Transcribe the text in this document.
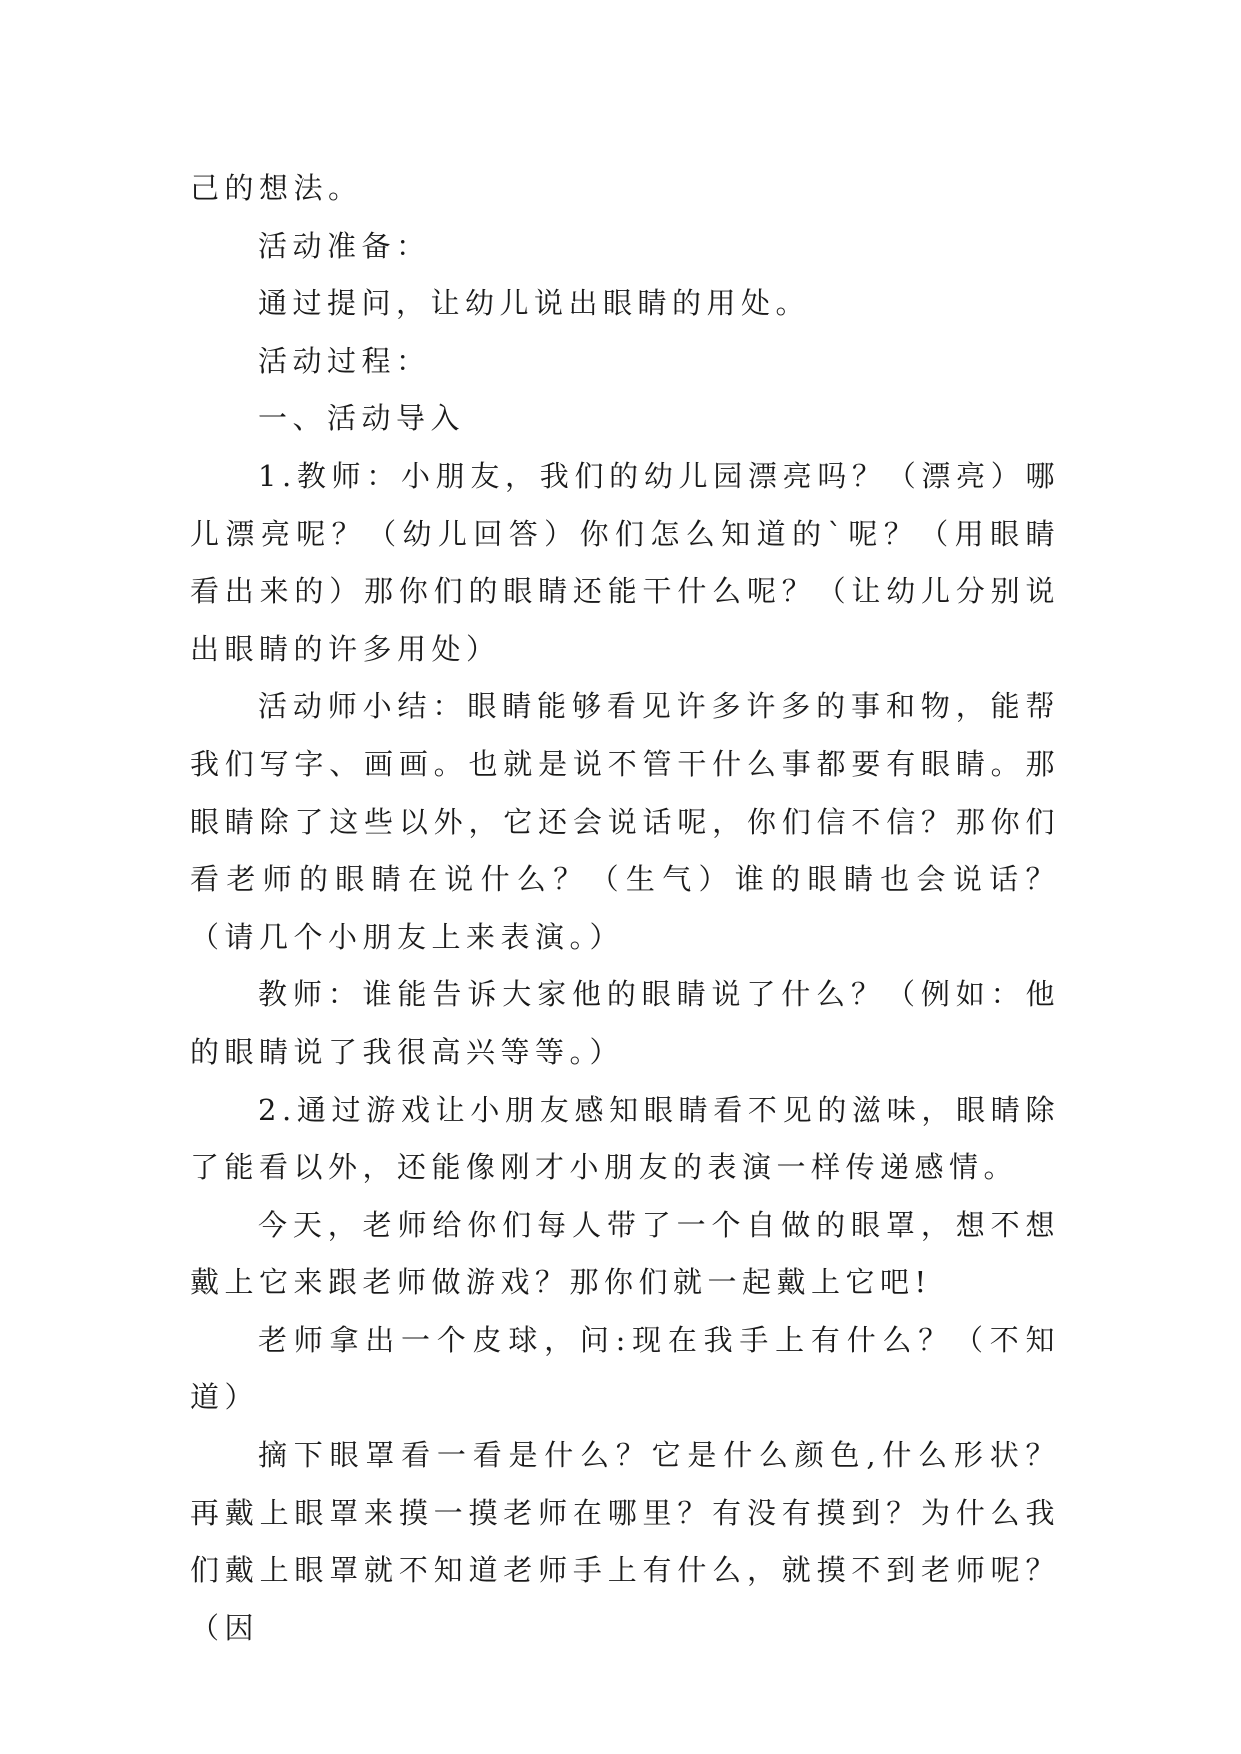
己的想法。

活动准备：

通过提问，让幼儿说出眼睛的用处。

活动过程：

一、活动导入

1.教师：小朋友，我们的幼儿园漂亮吗？（漂亮）哪儿漂亮呢？（幼儿回答）你们怎么知道的`呢？（用眼睛看出来的）那你们的眼睛还能干什么呢？（让幼儿分别说出眼睛的许多用处）

活动师小结：眼睛能够看见许多许多的事和物，能帮我们写字、画画。也就是说不管干什么事都要有眼睛。那眼睛除了这些以外，它还会说话呢，你们信不信？那你们看老师的眼睛在说什么？（生气）谁的眼睛也会说话？（请几个小朋友上来表演。）

教师：谁能告诉大家他的眼睛说了什么？（例如：他的眼睛说了我很高兴等等。）

2.通过游戏让小朋友感知眼睛看不见的滋味，眼睛除了能看以外，还能像刚才小朋友的表演一样传递感情。

今天，老师给你们每人带了一个自做的眼罩，想不想戴上它来跟老师做游戏？那你们就一起戴上它吧!

老师拿出一个皮球，问:现在我手上有什么？（不知道）

摘下眼罩看一看是什么？它是什么颜色,什么形状？再戴上眼罩来摸一摸老师在哪里？有没有摸到？为什么我们戴上眼罩就不知道老师手上有什么，就摸不到老师呢？（因
